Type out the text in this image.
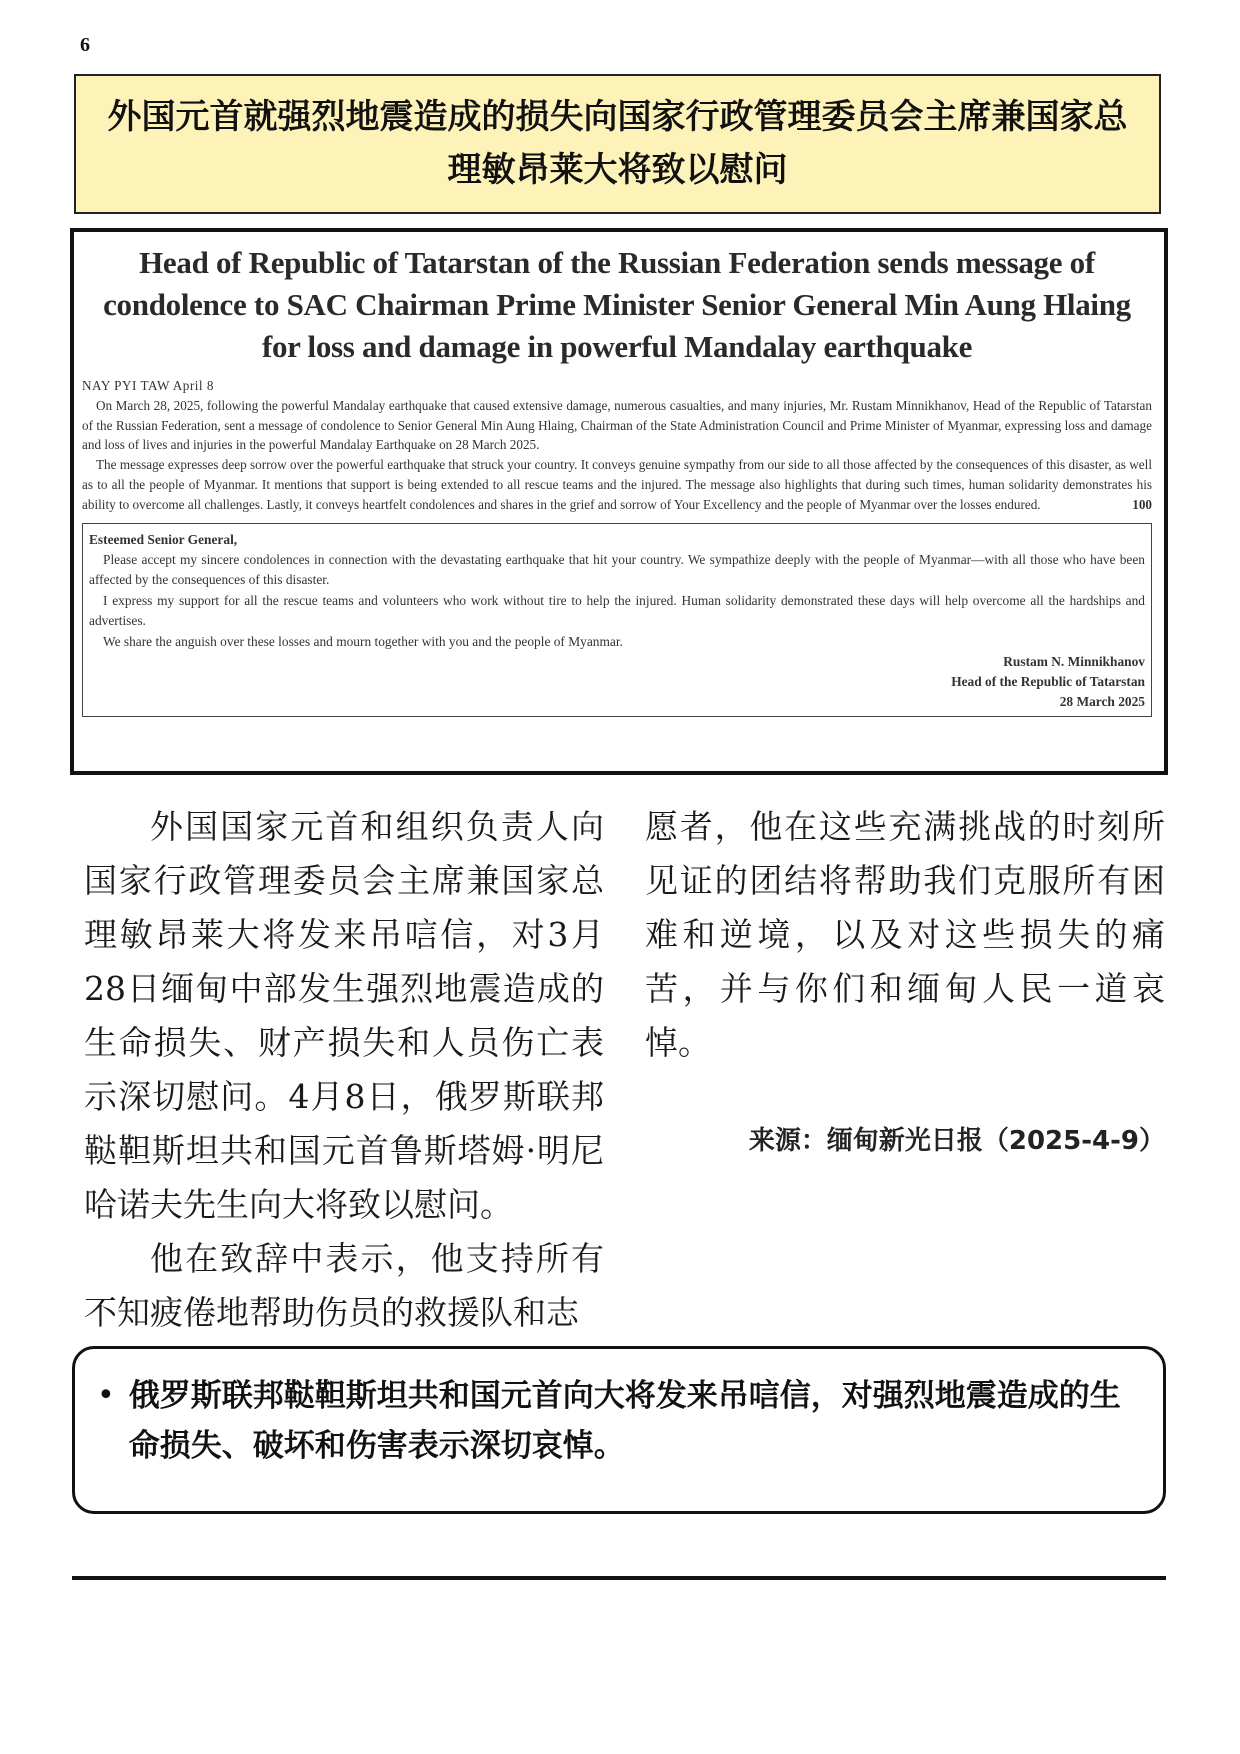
6
外国元首就强烈地震造成的损失向国家行政管理委员会主席兼国家总理敏昂莱大将致以慰问
Head of Republic of Tatarstan of the Russian Federation sends message of condolence to SAC Chairman Prime Minister Senior General Min Aung Hlaing for loss and damage in powerful Mandalay earthquake

NAY PYI TAW April 8

On March 28, 2025, following the powerful Mandalay earthquake that caused extensive damage, numerous casualties, and many injuries, Mr. Rustam Minnikhanov, Head of the Republic of Tatarstan of the Russian Federation, sent a message of condolence to Senior General Min Aung Hlaing, Chairman of the State Administration Council and Prime Minister of Myanmar, expressing loss and damage and loss of lives and injuries in the powerful Mandalay Earthquake on 28 March 2025.

The message expresses deep sorrow over the powerful earthquake that struck your country. It conveys genuine sympathy from our side to all those affected by the consequences of this disaster, as well as to all the people of Myanmar. It mentions that support is being extended to all rescue teams and the injured. The message also highlights that during such times, human solidarity demonstrates his ability to overcome all challenges. Lastly, it conveys heartfelt condolences and shares in the grief and sorrow of Your Excellency and the people of Myanmar over the losses endured.	100

Esteemed Senior General,

Please accept my sincere condolences in connection with the devastating earthquake that hit your country. We sympathize deeply with the people of Myanmar—with all those who have been affected by the consequences of this disaster.

I express my support for all the rescue teams and volunteers who work without tire to help the injured. Human solidarity demonstrated these days will help overcome all the hardships and advertises.

We share the anguish over these losses and mourn together with you and the people of Myanmar.

Rustam N. Minnikhanov
Head of the Republic of Tatarstan
28 March 2025

外国国家元首和组织负责人向国家行政管理委员会主席兼国家总理敏昂莱大将发来吊唁信，对3月28日缅甸中部发生强烈地震造成的生命损失、财产损失和人员伤亡表示深切慰问。4月8日，俄罗斯联邦鞑靼斯坦共和国元首鲁斯塔姆·明尼哈诺夫先生向大将致以慰问。

他在致辞中表示，他支持所有不知疲倦地帮助伤员的救援队和志

愿者，他在这些充满挑战的时刻所见证的团结将帮助我们克服所有困难和逆境，以及对这些损失的痛苦，并与你们和缅甸人民一道哀悼。

来源：缅甸新光日报（2025-4-9）
• 俄罗斯联邦鞑靼斯坦共和国元首向大将发来吊唁信，对强烈地震造成的生命损失、破坏和伤害表示深切哀悼。
